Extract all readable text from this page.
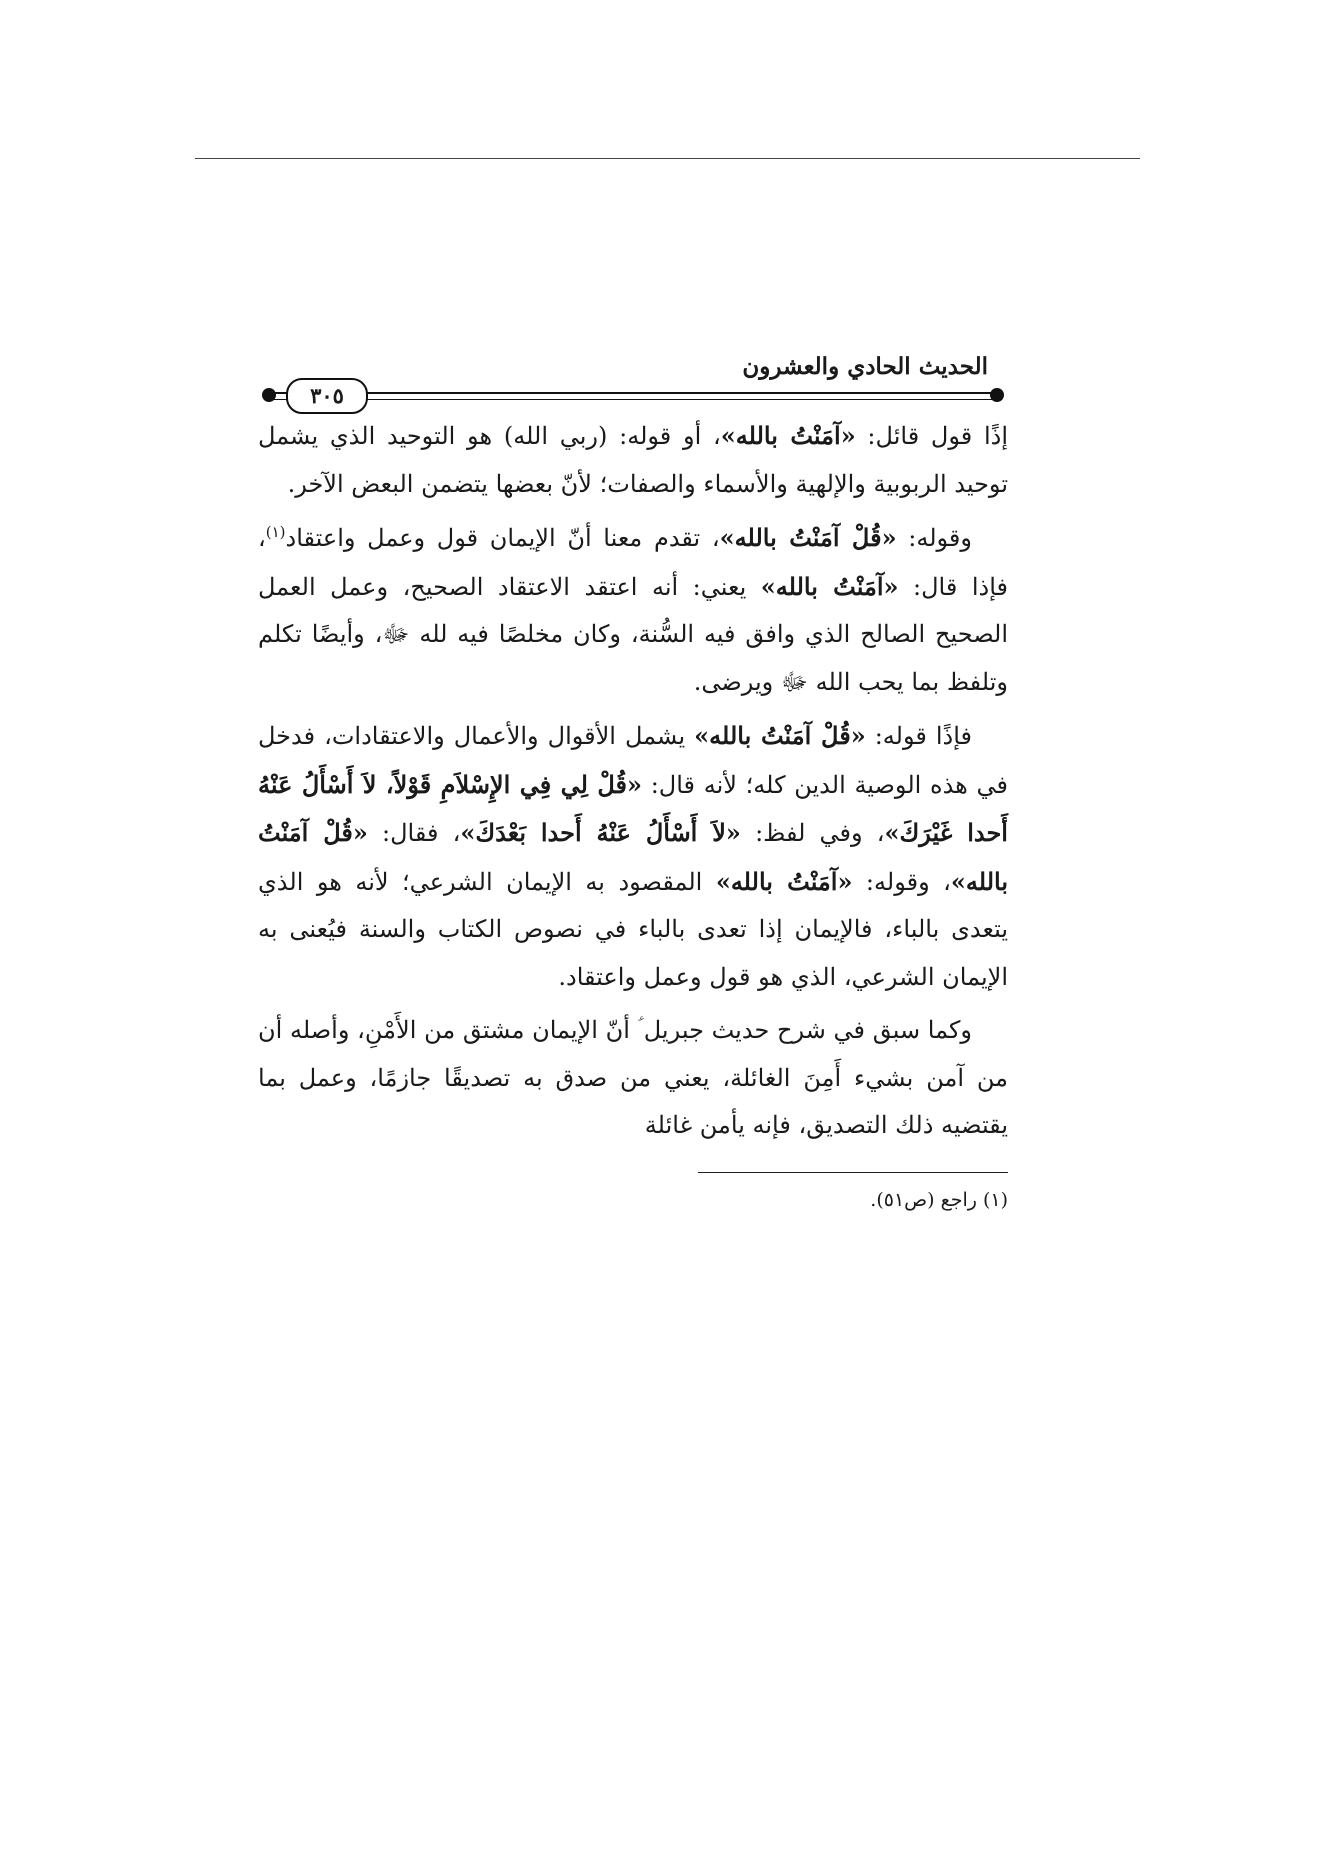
الحديث الحادي والعشرون
٣٠٥

إذًا قول قائل: «آمَنْتُ بالله»، أو قوله: (ربي الله) هو التوحيد الذي يشمل توحيد الربوبية والإلهية والأسماء والصفات؛ لأنّ بعضها يتضمن البعض الآخر.

وقوله: «قُلْ آمَنْتُ بالله»، تقدم معنا أنّ الإيمان قول وعمل واعتقاد$^{(١)}$، فإذا قال: «آمَنْتُ بالله» يعني: أنه اعتقد الاعتقاد الصحيح، وعمل العمل الصحيح الصالح الذي وافق فيه السُّنة، وكان مخلصًا فيه لله ﷻ، وأيضًا تكلم وتلفظ بما يحب الله ﷻ ويرضى.

فإذًا قوله: «قُلْ آمَنْتُ بالله» يشمل الأقوال والأعمال والاعتقادات، فدخل في هذه الوصية الدين كله؛ لأنه قال: «قُلْ لِي فِي الإِسْلاَمِ قَوْلاً، لاَ أَسْأَلُ عَنْهُ أَحدا غَيْرَكَ»، وفي لفظ: «لاَ أَسْأَلُ عَنْهُ أَحدا بَعْدَكَ»، فقال: «قُلْ آمَنْتُ بالله»، وقوله: «آمَنْتُ بالله» المقصود به الإيمان الشرعي؛ لأنه هو الذي يتعدى بالباء، فالإيمان إذا تعدى بالباء في نصوص الكتاب والسنة فيُعنى به الإيمان الشرعي، الذي هو قول وعمل واعتقاد.

وكما سبق في شرح حديث جبريل ؑ أنّ الإيمان مشتق من الأَمْنِ، وأصله أن من آمن بشيء أَمِنَ الغائلة، يعني من صدق به تصديقًا جازمًا، وعمل بما يقتضيه ذلك التصديق، فإنه يأمن غائلة

(١) راجع (ص٥١).
